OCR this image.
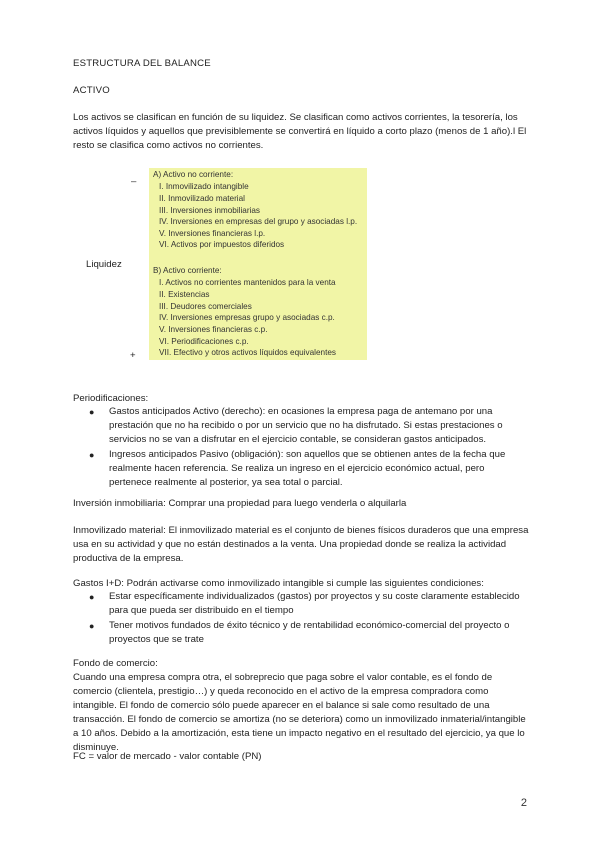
ESTRUCTURA DEL BALANCE

ACTIVO

Los activos se clasifican en función de su liquidez. Se clasifican como activos corrientes, la tesorería, los activos líquidos y aquellos que previsiblemente se convertirá en líquido a corto plazo (menos de 1 año).l El resto se clasifica como activos no corrientes.

–
Liquidez
+
A) Activo no corriente:
I. Inmovilizado intangible
II. Inmovilizado material
III. Inversiones inmobiliarias
IV. Inversiones en empresas del grupo y asociadas l.p.
V. Inversiones financieras l.p.
VI. Activos por impuestos diferidos
B) Activo corriente:
I. Activos no corrientes mantenidos para la venta
II. Existencias
III. Deudores comerciales
IV. Inversiones empresas grupo y asociadas c.p.
V. Inversiones financieras c.p.
VI. Periodificaciones c.p.
VII. Efectivo y otros activos líquidos equivalentes

Periodificaciones:

● Gastos anticipados Activo (derecho): en ocasiones la empresa paga de antemano por una prestación que no ha recibido o por un servicio que no ha disfrutado. Si estas prestaciones o servicios no se van a disfrutar en el ejercicio contable, se consideran gastos anticipados.
● Ingresos anticipados Pasivo (obligación): son aquellos que se obtienen antes de la fecha que realmente hacen referencia. Se realiza un ingreso en el ejercicio económico actual, pero pertenece realmente al posterior, ya sea total o parcial.

Inversión inmobiliaria: Comprar una propiedad para luego venderla o alquilarla

Inmovilizado material: El inmovilizado material es el conjunto de bienes físicos duraderos que una empresa usa en su actividad y que no están destinados a la venta. Una propiedad donde se realiza la actividad productiva de la empresa.

Gastos I+D: Podrán activarse como inmovilizado intangible si cumple las siguientes condiciones:

● Estar específicamente individualizados (gastos) por proyectos y su coste claramente establecido para que pueda ser distribuido en el tiempo
● Tener motivos fundados de éxito técnico y de rentabilidad económico-comercial del proyecto o proyectos que se trate

Fondo de comercio:

Cuando una empresa compra otra, el sobreprecio que paga sobre el valor contable, es el fondo de comercio (clientela, prestigio…) y queda reconocido en el activo de la empresa compradora como intangible. El fondo de comercio sólo puede aparecer en el balance si sale como resultado de una transacción. El fondo de comercio se amortiza (no se deteriora) como un inmovilizado inmaterial/intangible a 10 años. Debido a la amortización, esta tiene un impacto negativo en el resultado del ejercicio, ya que lo disminuye.

FC = valor de mercado - valor contable (PN)

2
